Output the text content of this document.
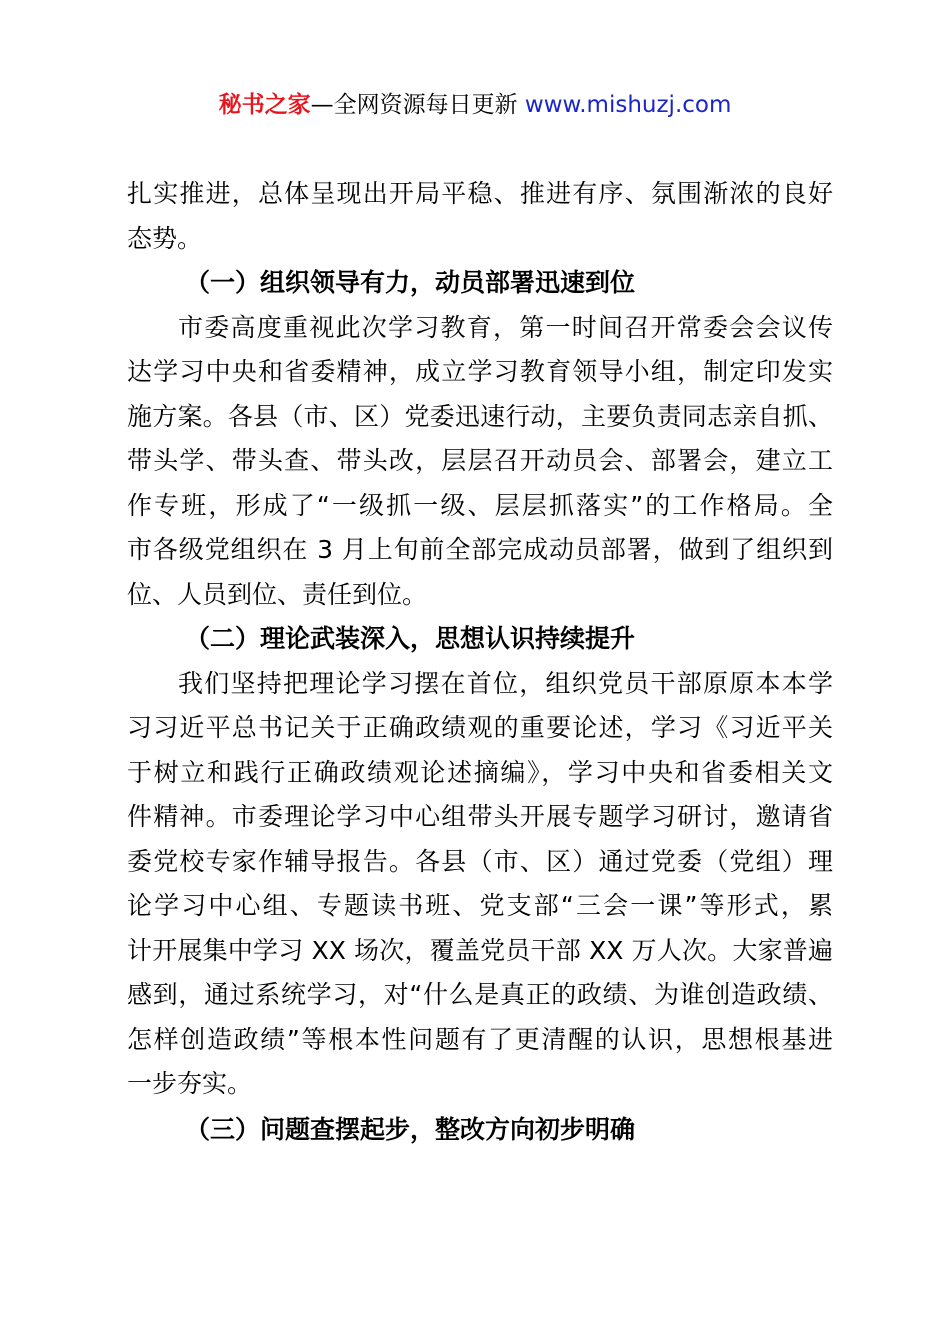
秘书之家—全网资源每日更新 www.mishuzj.com
扎实推进，总体呈现出开局平稳、推进有序、氛围渐浓的良好
态势。
（一）组织领导有力，动员部署迅速到位
市委高度重视此次学习教育，第一时间召开常委会会议传
达学习中央和省委精神，成立学习教育领导小组，制定印发实
施方案。各县（市、区）党委迅速行动，主要负责同志亲自抓、
带头学、带头查、带头改，层层召开动员会、部署会，建立工
作专班，形成了“一级抓一级、层层抓落实”的工作格局。全
市各级党组织在 3 月上旬前全部完成动员部署，做到了组织到
位、人员到位、责任到位。
（二）理论武装深入，思想认识持续提升
我们坚持把理论学习摆在首位，组织党员干部原原本本学
习习近平总书记关于正确政绩观的重要论述，学习《习近平关
于树立和践行正确政绩观论述摘编》，学习中央和省委相关文
件精神。市委理论学习中心组带头开展专题学习研讨，邀请省
委党校专家作辅导报告。各县（市、区）通过党委（党组）理
论学习中心组、专题读书班、党支部“三会一课”等形式，累
计开展集中学习 XX 场次，覆盖党员干部 XX 万人次。大家普遍
感到，通过系统学习，对“什么是真正的政绩、为谁创造政绩、
怎样创造政绩”等根本性问题有了更清醒的认识，思想根基进
一步夯实。
（三）问题查摆起步，整改方向初步明确
